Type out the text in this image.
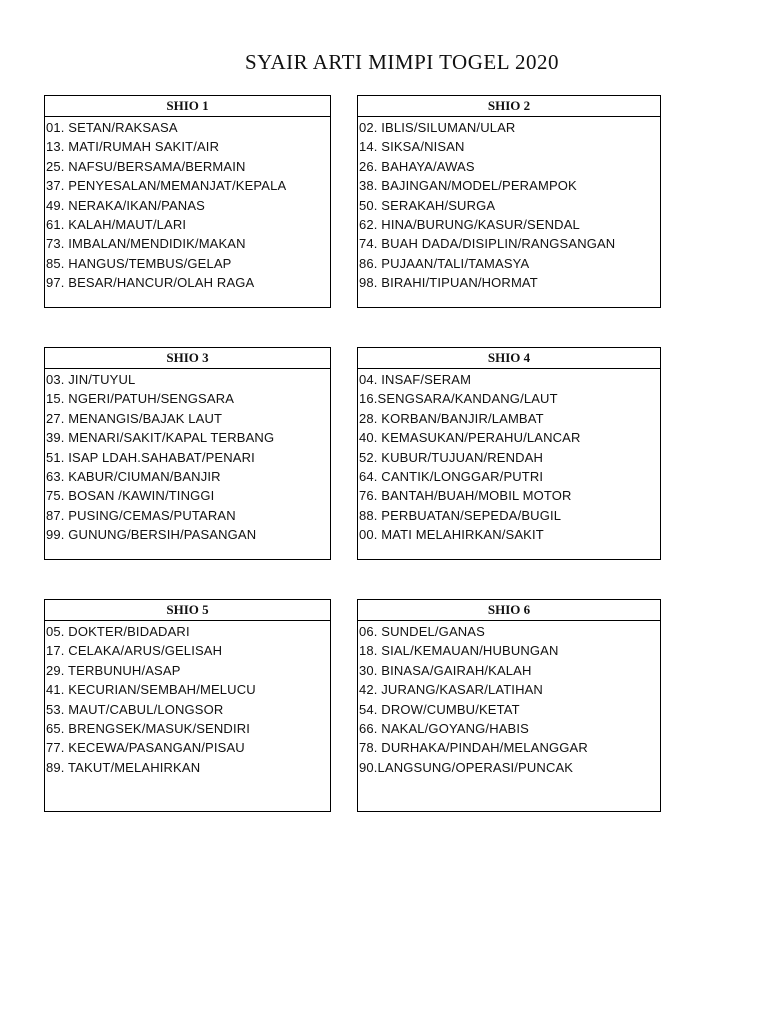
SYAIR ARTI MIMPI TOGEL 2020
SHIO 1
01. SETAN/RAKSASA
13. MATI/RUMAH SAKIT/AIR
25. NAFSU/BERSAMA/BERMAIN
37. PENYESALAN/MEMANJAT/KEPALA
49. NERAKA/IKAN/PANAS
61. KALAH/MAUT/LARI
73. IMBALAN/MENDIDIK/MAKAN
85. HANGUS/TEMBUS/GELAP
97. BESAR/HANCUR/OLAH RAGA
SHIO 2
02. IBLIS/SILUMAN/ULAR
14. SIKSA/NISAN
26. BAHAYA/AWAS
38. BAJINGAN/MODEL/PERAMPOK
50. SERAKAH/SURGA
62. HINA/BURUNG/KASUR/SENDAL
74. BUAH DADA/DISIPLIN/RANGSANGAN
86. PUJAAN/TALI/TAMASYA
98. BIRAHI/TIPUAN/HORMAT
SHIO 3
03. JIN/TUYUL
15. NGERI/PATUH/SENGSARA
27. MENANGIS/BAJAK LAUT
39. MENARI/SAKIT/KAPAL TERBANG
51. ISAP LDAH.SAHABAT/PENARI
63. KABUR/CIUMAN/BANJIR
75. BOSAN /KAWIN/TINGGI
87. PUSING/CEMAS/PUTARAN
99. GUNUNG/BERSIH/PASANGAN
SHIO 4
04. INSAF/SERAM
16.SENGSARA/KANDANG/LAUT
28. KORBAN/BANJIR/LAMBAT
40. KEMASUKAN/PERAHU/LANCAR
52. KUBUR/TUJUAN/RENDAH
64. CANTIK/LONGGAR/PUTRI
76. BANTAH/BUAH/MOBIL MOTOR
88. PERBUATAN/SEPEDA/BUGIL
00. MATI MELAHIRKAN/SAKIT
SHIO 5
05. DOKTER/BIDADARI
17. CELAKA/ARUS/GELISAH
29. TERBUNUH/ASAP
41. KECURIAN/SEMBAH/MELUCU
53. MAUT/CABUL/LONGSOR
65. BRENGSEK/MASUK/SENDIRI
77. KECEWA/PASANGAN/PISAU
89. TAKUT/MELAHIRKAN
SHIO 6
06. SUNDEL/GANAS
18. SIAL/KEMAUAN/HUBUNGAN
30. BINASA/GAIRAH/KALAH
42. JURANG/KASAR/LATIHAN
54. DROW/CUMBU/KETAT
66. NAKAL/GOYANG/HABIS
78. DURHAKA/PINDAH/MELANGGAR
90.LANGSUNG/OPERASI/PUNCAK
